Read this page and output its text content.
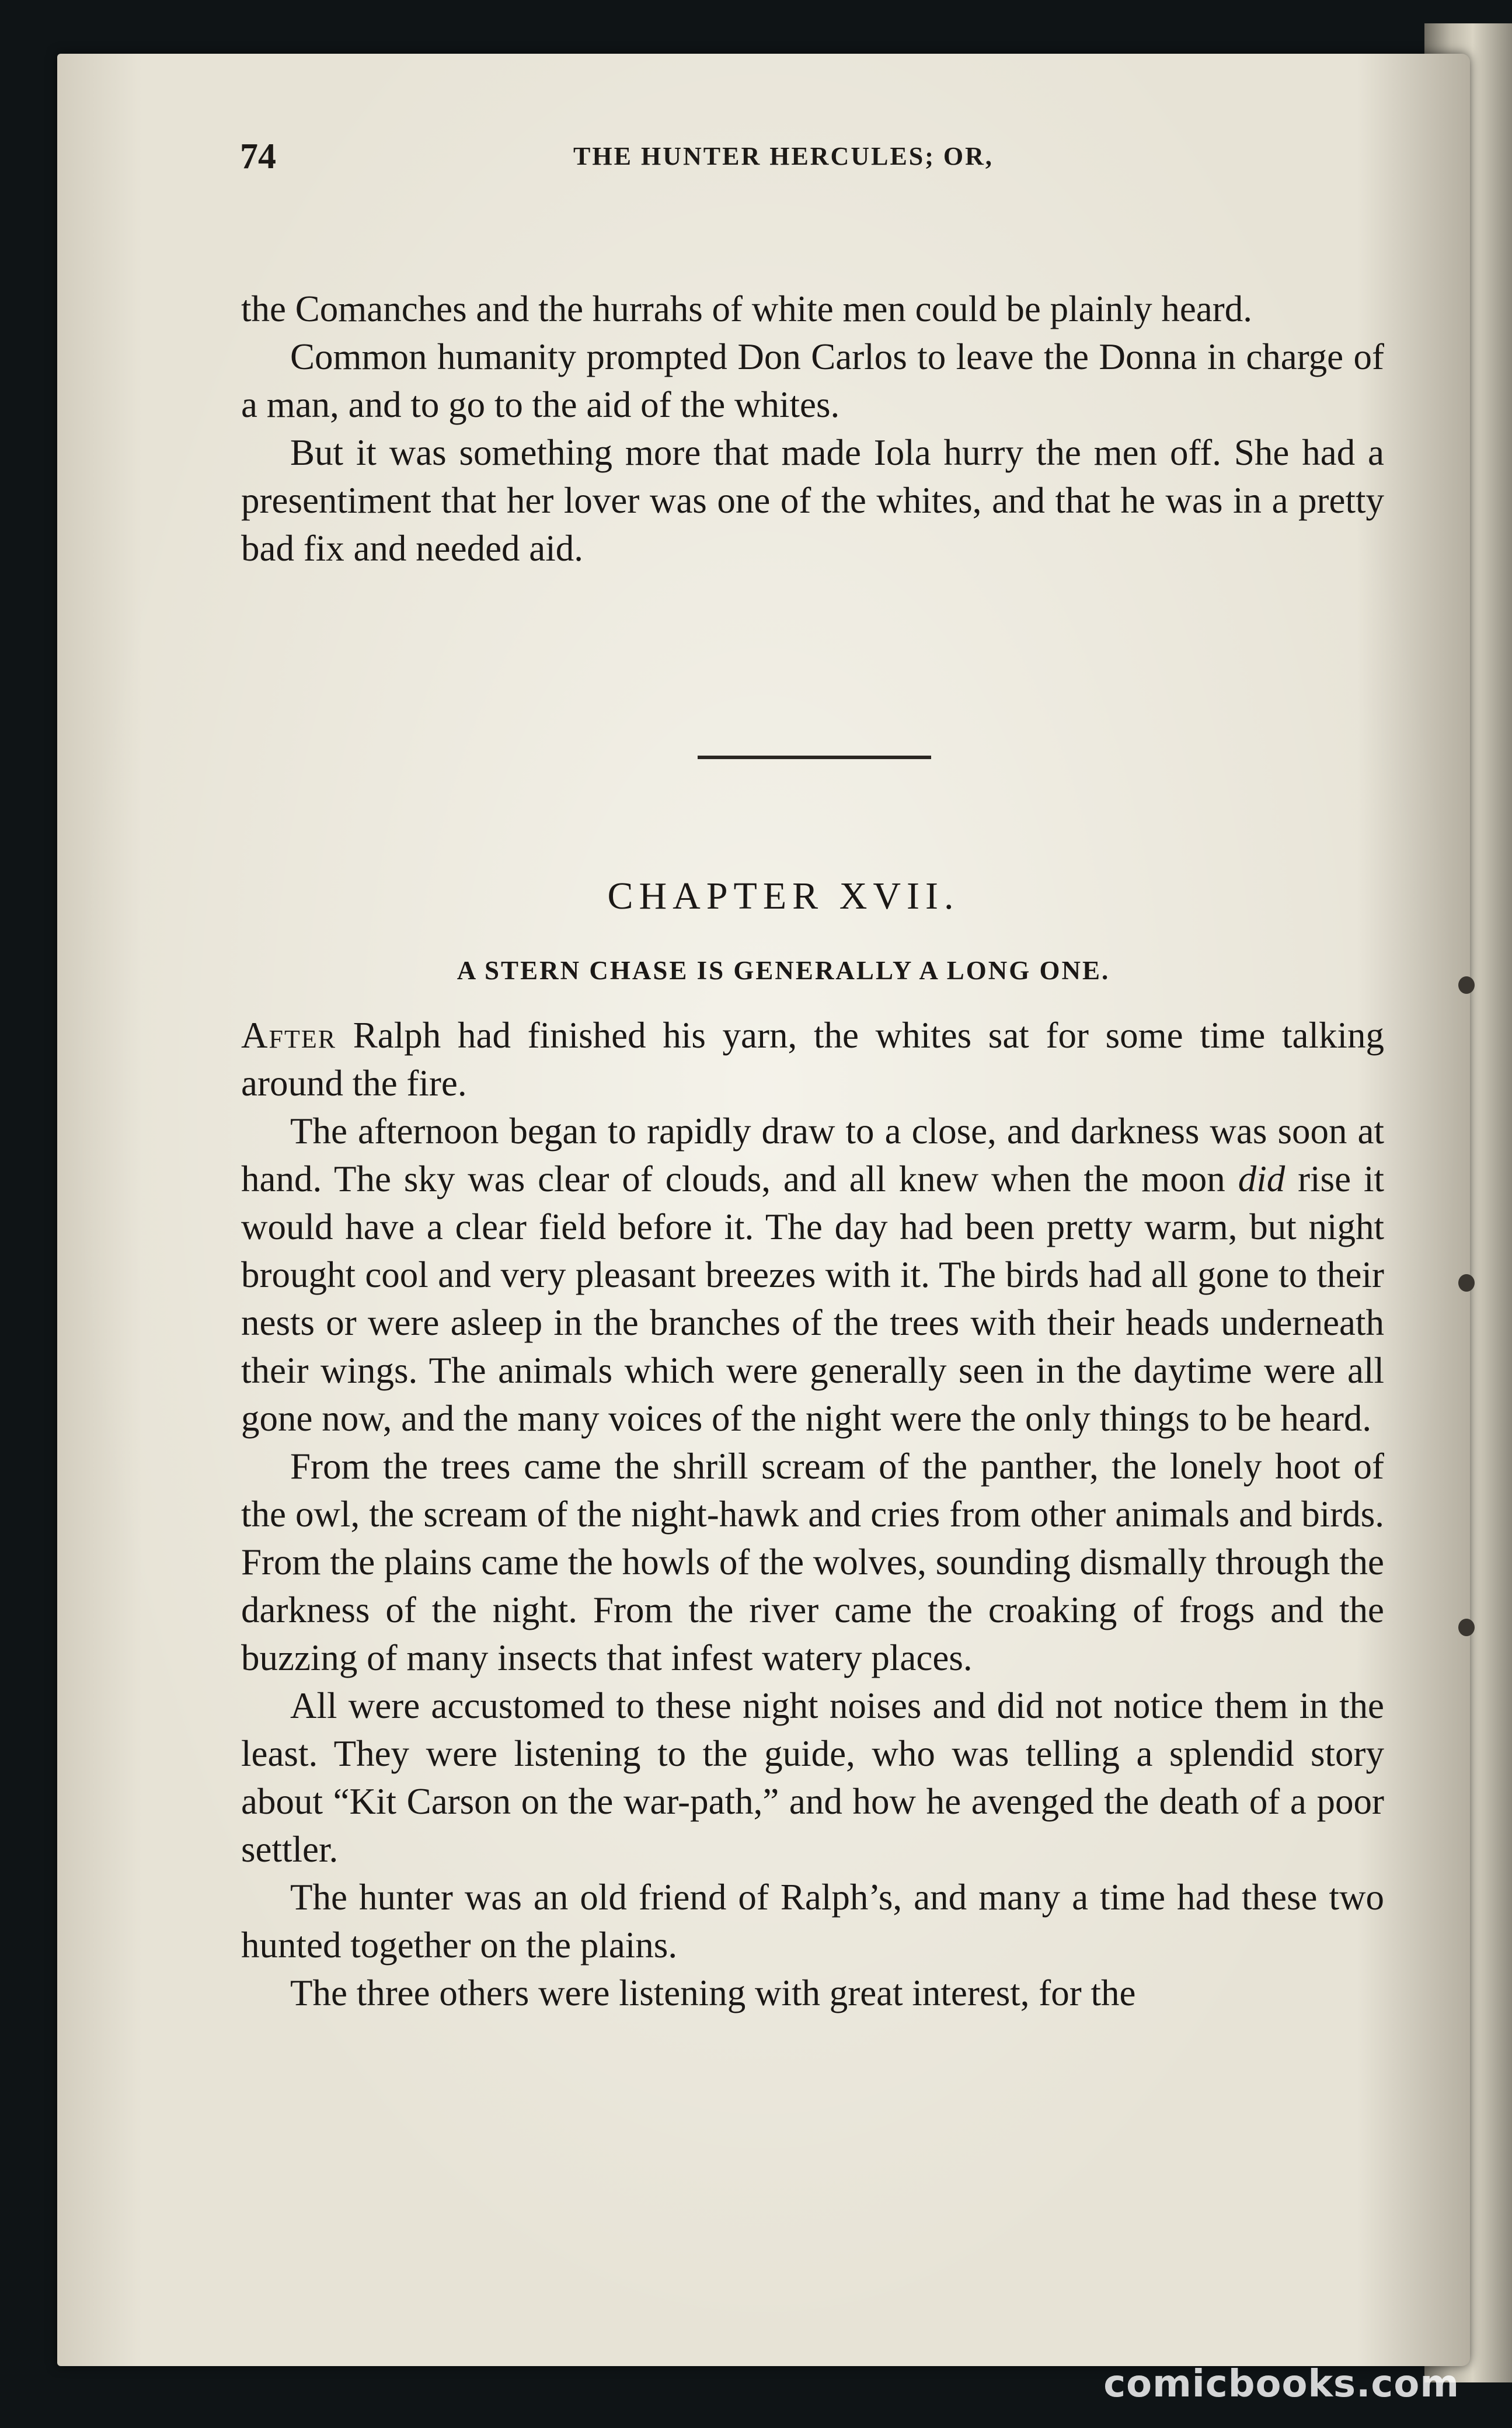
74	THE HUNTER HERCULES; OR,

the Comanches and the hurrahs of white men could be plainly heard.

Common humanity prompted Don Carlos to leave the Donna in charge of a man, and to go to the aid of the whites.

But it was something more that made Iola hurry the men off. She had a presentiment that her lover was one of the whites, and that he was in a pretty bad fix and needed aid.

CHAPTER XVII.
A STERN CHASE IS GENERALLY A LONG ONE.

After Ralph had finished his yarn, the whites sat for some time talking around the fire.

The afternoon began to rapidly draw to a close, and darkness was soon at hand. The sky was clear of clouds, and all knew when the moon did rise it would have a clear field before it. The day had been pretty warm, but night brought cool and very pleasant breezes with it. The birds had all gone to their nests or were asleep in the branches of the trees with their heads underneath their wings. The animals which were generally seen in the daytime were all gone now, and the many voices of the night were the only things to be heard.

From the trees came the shrill scream of the panther, the lonely hoot of the owl, the scream of the night-hawk and cries from other animals and birds. From the plains came the howls of the wolves, sounding dismally through the darkness of the night. From the river came the croaking of frogs and the buzzing of many insects that infest watery places.

All were accustomed to these night noises and did not notice them in the least. They were listening to the guide, who was telling a splendid story about “Kit Carson on the war-path,” and how he avenged the death of a poor settler.

The hunter was an old friend of Ralph’s, and many a time had these two hunted together on the plains.

The three others were listening with great interest, for the

comicbooks.com
